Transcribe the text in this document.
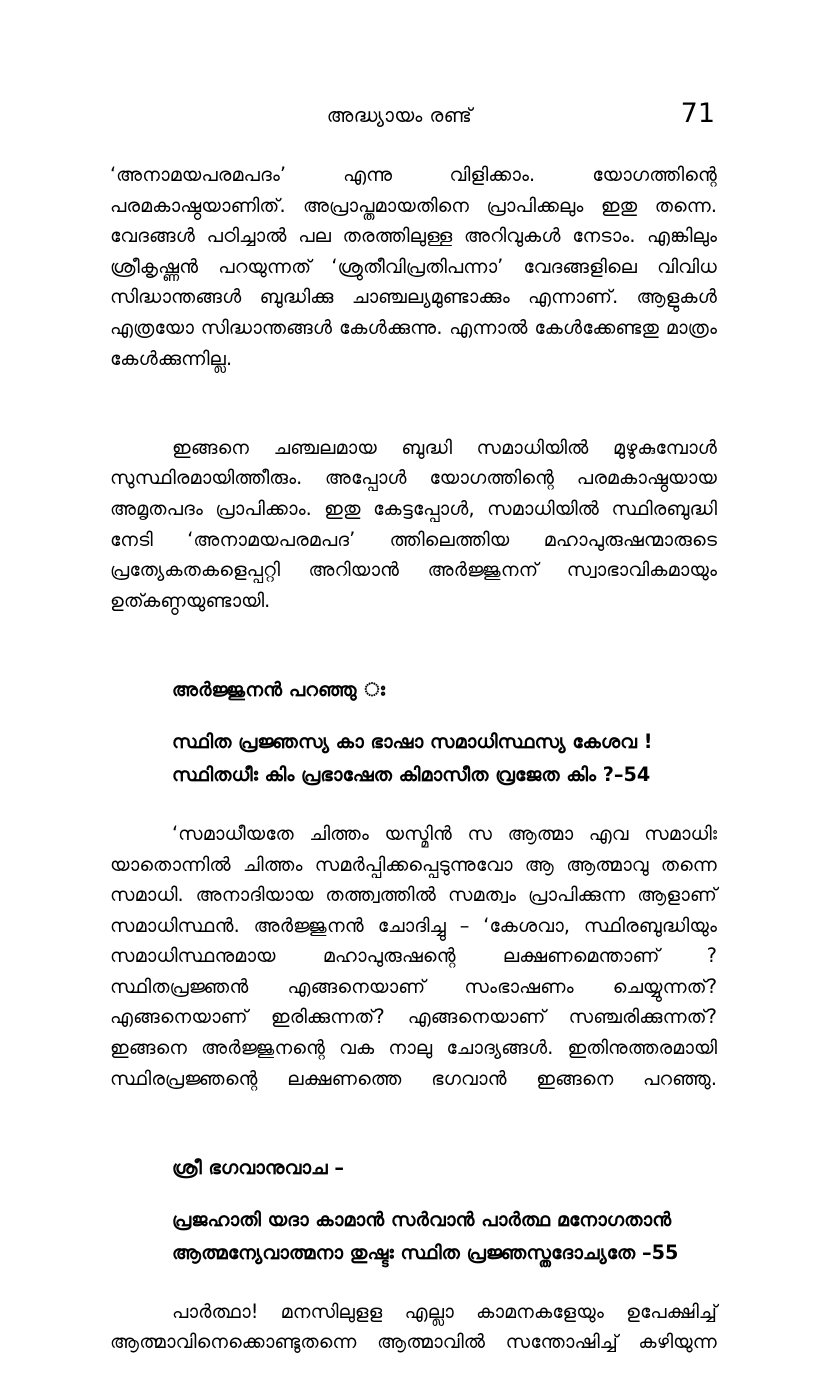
അദ്ധ്യായം രണ്ട്	71

‘അനാമയപരമപദം’ എന്നു വിളിക്കാം. യോഗത്തിന്റെ പരമകാഷ്ഠയാണിത്. അപ്രാപ്തമായതിനെ പ്രാപിക്കലും ഇതു തന്നെ. വേദങ്ങൾ പഠിച്ചാൽ പല തരത്തിലുള്ള അറിവുകൾ നേടാം. എങ്കിലും ശ്രീകൃഷ്ണൻ പറയുന്നത് ‘ശ്രുതീവിപ്രതിപന്നാ’ വേദങ്ങളിലെ വിവിധ സിദ്ധാന്തങ്ങൾ ബുദ്ധിക്കു ചാഞ്ചല്യമുണ്ടാക്കും എന്നാണ്. ആളുകൾ എത്രയോ സിദ്ധാന്തങ്ങൾ കേൾക്കുന്നു. എന്നാൽ കേൾക്കേണ്ടതു മാത്രം കേൾക്കുന്നില്ല.

ഇങ്ങനെ ചഞ്ചലമായ ബുദ്ധി സമാധിയിൽ മുഴുകുമ്പോൾ സുസ്ഥിരമായിത്തീരും. അപ്പോൾ യോഗത്തിന്റെ പരമകാഷ്ഠയായ അമൃതപദം പ്രാപിക്കാം. ഇതു കേട്ടപ്പോൾ, സമാധിയിൽ സ്ഥിരബുദ്ധി നേടി ‘അനാമയപരമപദ’ ത്തിലെത്തിയ മഹാപുരുഷന്മാരുടെ പ്രത്യേകതകളെപ്പറ്റി അറിയാൻ അർജ്ജുനന് സ്വാഭാവികമായും ഉത്കണ്ഠയുണ്ടായി.

അർജ്ജുനൻ പറഞ്ഞു ഃ
സ്ഥിത പ്രജ്ഞസ്യ കാ ഭാഷാ സമാധിസ്ഥസ്യ കേശവ !
സ്ഥിതധീഃ കിം പ്രഭാഷേത കിമാസീത വ്രജേത കിം ?–54

‘സമാധീയതേ ചിത്തം യസ്മിൻ സ ആത്മാ എവ സമാധിഃ യാതൊന്നിൽ ചിത്തം സമർപ്പിക്കപ്പെടുന്നുവോ ആ ആത്മാവു തന്നെ സമാധി. അനാദിയായ തത്ത്വത്തിൽ സമത്വം പ്രാപിക്കുന്ന ആളാണ് സമാധിസ്ഥൻ. അർജ്ജുനൻ ചോദിച്ചു – ‘കേശവാ, സ്ഥിരബുദ്ധിയും സമാധിസ്ഥനുമായ മഹാപുരുഷന്റെ ലക്ഷണമെന്താണ് ? സ്ഥിതപ്രജ്ഞൻ എങ്ങനെയാണ് സംഭാഷണം ചെയ്യുന്നത്? എങ്ങനെയാണ് ഇരിക്കുന്നത്? എങ്ങനെയാണ് സഞ്ചരിക്കുന്നത്? ഇങ്ങനെ അർജ്ജുനന്റെ വക നാലു ചോദ്യങ്ങൾ. ഇതിനുത്തരമായി സ്ഥിരപ്രജ്ഞന്റെ ലക്ഷണത്തെ ഭഗവാൻ ഇങ്ങനെ പറഞ്ഞു.

ശ്രീ ഭഗവാനുവാച –
പ്രജഹാതി യദാ കാമാൻ സർവാൻ പാർത്ഥ മനോഗതാൻ
ആത്മന്യേവാത്മനാ തുഷ്ടഃ സ്ഥിത പ്രജ്ഞസ്തദോച്യതേ –55

പാർത്ഥാ! മനസിലുളള എല്ലാ കാമനകളേയും ഉപേക്ഷിച്ച് ആത്മാവിനെക്കൊണ്ടുതന്നെ ആത്മാവിൽ സന്തോഷിച്ച് കഴിയുന്ന
